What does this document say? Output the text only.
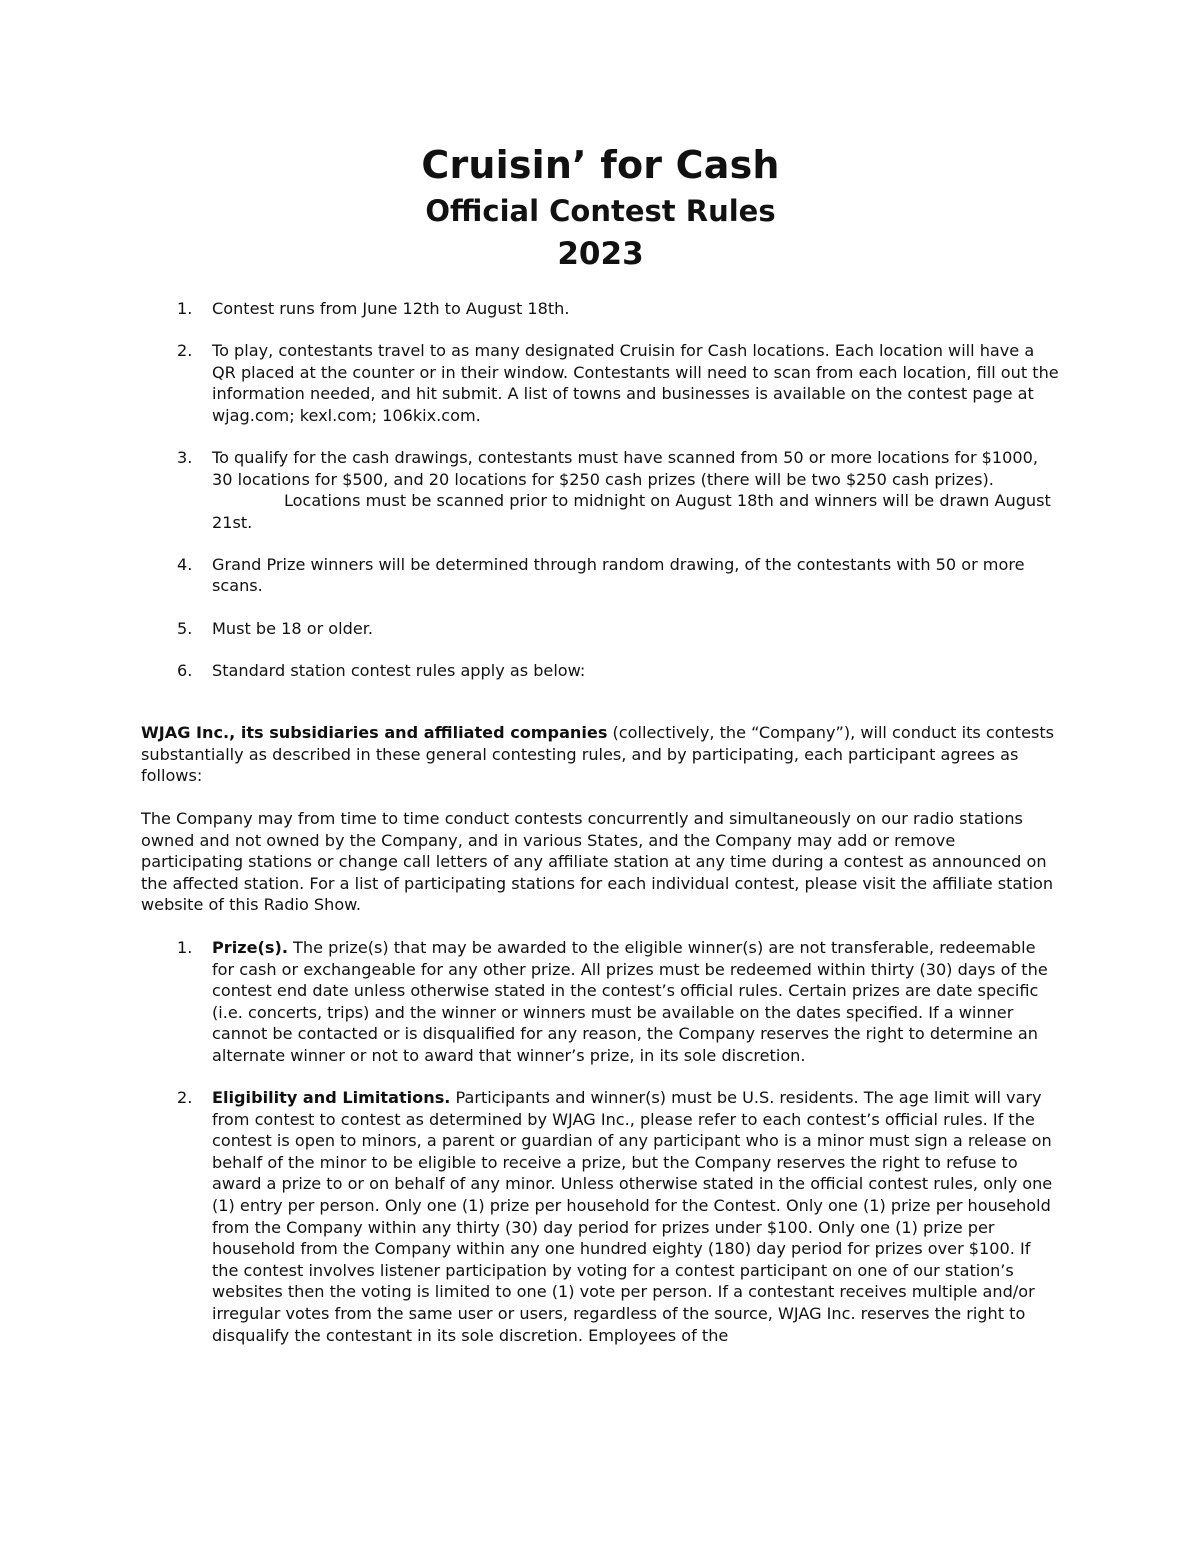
Cruisin’ for Cash
Official Contest Rules
2023
1. Contest runs from June 12th to August 18th.
2. To play, contestants travel to as many designated Cruisin for Cash locations. Each location will have a QR placed at the counter or in their window. Contestants will need to scan from each location, fill out the information needed, and hit submit. A list of towns and businesses is available on the contest page at wjag.com; kexl.com; 106kix.com.
3. To qualify for the cash drawings, contestants must have scanned from 50 or more locations for $1000, 30 locations for $500, and 20 locations for $250 cash prizes (there will be two $250 cash prizes).
Locations must be scanned prior to midnight on August 18th and winners will be drawn August 21st.
4. Grand Prize winners will be determined through random drawing, of the contestants with 50 or more scans.
5. Must be 18 or older.
6. Standard station contest rules apply as below:

WJAG Inc., its subsidiaries and affiliated companies (collectively, the “Company”), will conduct its contests substantially as described in these general contesting rules, and by participating, each participant agrees as follows:

The Company may from time to time conduct contests concurrently and simultaneously on our radio stations owned and not owned by the Company, and in various States, and the Company may add or remove participating stations or change call letters of any affiliate station at any time during a contest as announced on the affected station. For a list of participating stations for each individual contest, please visit the affiliate station website of this Radio Show.

1. Prize(s). The prize(s) that may be awarded to the eligible winner(s) are not transferable, redeemable for cash or exchangeable for any other prize. All prizes must be redeemed within thirty (30) days of the contest end date unless otherwise stated in the contest’s official rules. Certain prizes are date specific (i.e. concerts, trips) and the winner or winners must be available on the dates specified. If a winner cannot be contacted or is disqualified for any reason, the Company reserves the right to determine an alternate winner or not to award that winner’s prize, in its sole discretion.
2. Eligibility and Limitations. Participants and winner(s) must be U.S. residents. The age limit will vary from contest to contest as determined by WJAG Inc., please refer to each contest’s official rules. If the contest is open to minors, a parent or guardian of any participant who is a minor must sign a release on behalf of the minor to be eligible to receive a prize, but the Company reserves the right to refuse to award a prize to or on behalf of any minor. Unless otherwise stated in the official contest rules, only one (1) entry per person. Only one (1) prize per household for the Contest. Only one (1) prize per household from the Company within any thirty (30) day period for prizes under $100. Only one (1) prize per household from the Company within any one hundred eighty (180) day period for prizes over $100. If the contest involves listener participation by voting for a contest participant on one of our station’s websites then the voting is limited to one (1) vote per person. If a contestant receives multiple and/or irregular votes from the same user or users, regardless of the source, WJAG Inc. reserves the right to disqualify the contestant in its sole discretion. Employees of the
